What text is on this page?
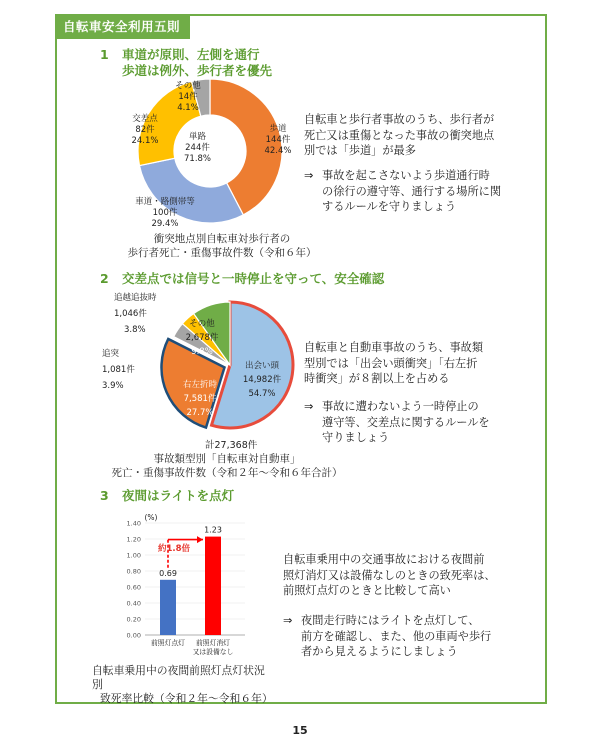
自転車安全利用五則
1 車道が原則、左側を通行
歩道は例外、歩行者を優先
歩道
144件
42.4%
車道・路側帯等
100件
29.4%
交差点
82件
24.1%
その他
14件
4.1%
単路
244件
71.8%
自転車と歩行者事故のうち、歩行者が
死亡又は重傷となった事故の衝突地点
別では「歩道」が最多
⇒ 事故を起こさないよう歩道通行時
の徐行の遵守等、通行する場所に関
するルールを守りましょう
衝突地点別自転車対歩行者の
歩行者死亡・重傷事故件数（令和６年）
2 交差点では信号と一時停止を守って、安全確認
出会い頭
14,982件
54.7%
右左折時
7,581件
27.7%
その他
2,678件
9.8%
追突
1,081件
3.9%
追越追抜時
1,046件
3.8%
自転車と自動車事故のうち、事故類
型別では「出会い頭衝突」「右左折
時衝突」が８割以上を占める
⇒ 事故に遭わないよう一時停止の
遵守等、交差点に関するルールを
守りましょう
計27,368件
事故類型別「自転車対自動車」
死亡・重傷事故件数（令和２年～令和６年合計）
3 夜間はライトを点灯
(%)
0.00
0.20
0.40
0.60
0.80
1.00
1.20
1.40
0.69
前照灯点灯
1.23
前照灯消灯
又は設備なし
約1.8倍
自転車乗用中の交通事故における夜間前
照灯消灯又は設備なしのときの致死率は、
前照灯点灯のときと比較して高い
⇒ 夜間走行時にはライトを点灯して、
前方を確認し、また、他の車両や歩行
者から見えるようにしましょう
自転車乗用中の夜間前照灯点灯状況別
致死率比較（令和２年～令和６年）
15
